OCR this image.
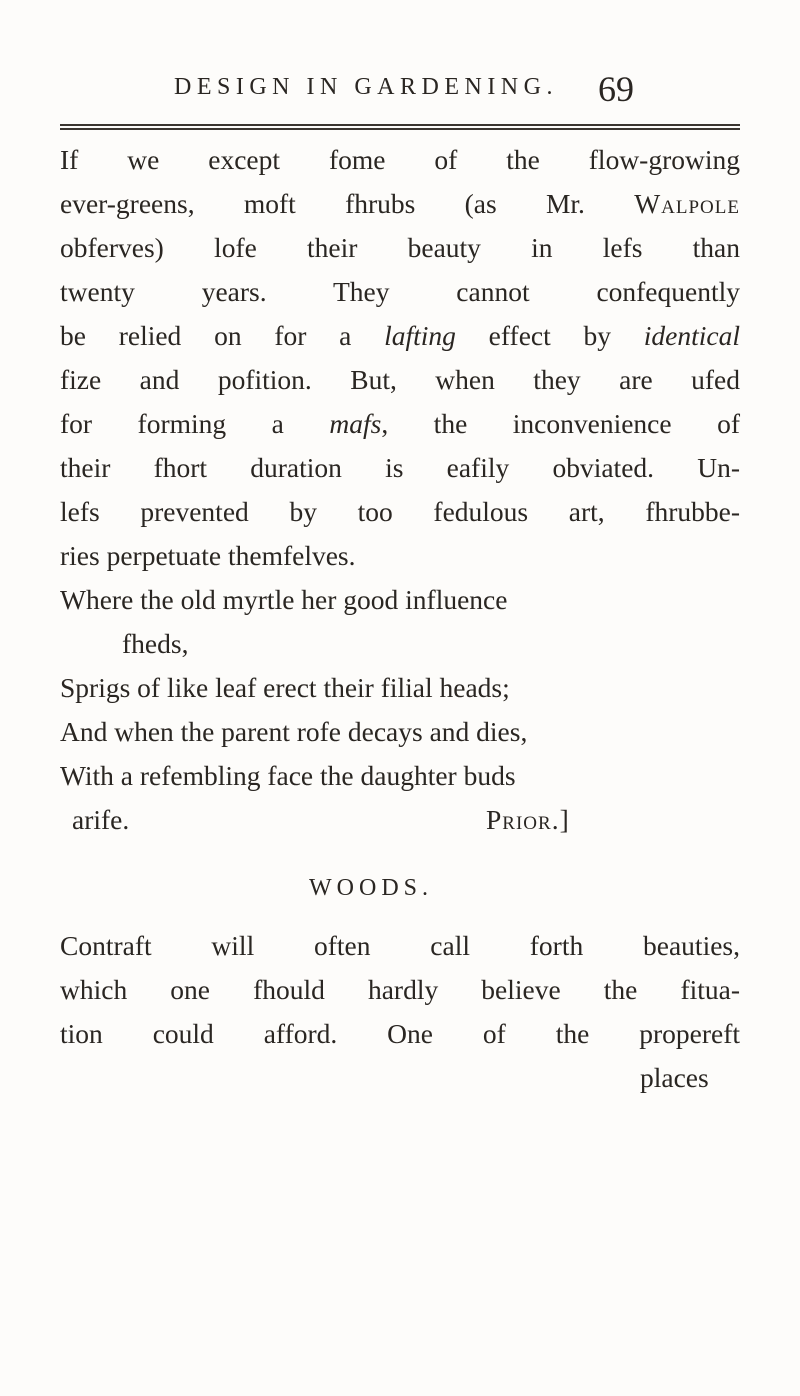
DESIGN IN GARDENING. 69
If we except fome of the flow-growing
ever-greens, moft fhrubs (as Mr. Walpole
obferves) lofe their beauty in lefs than
twenty years. They cannot confequently
be relied on for a lafting effect by identical
fize and pofition. But, when they are ufed
for forming a mafs, the inconvenience of
their fhort duration is eafily obviated. Un-
lefs prevented by too fedulous art, fhrubbe-
ries perpetuate themfelves.
Where the old myrtle her good influence
fheds,
Sprigs of like leaf erect their filial heads;
And when the parent rofe decays and dies,
With a refembling face the daughter buds
arife.	Prior.]
WOODS.
Contraft will often call forth beauties,
which one fhould hardly believe the fitua-
tion could afford. One of the propereft
places
